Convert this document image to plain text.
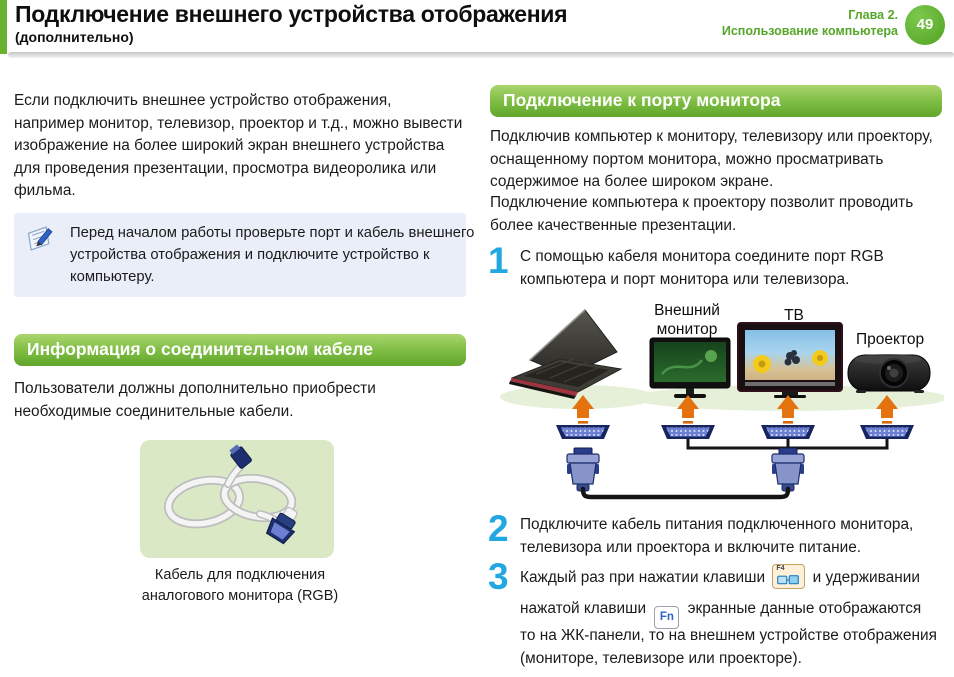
Подключение внешнего устройства отображения
(дополнительно)
Глава 2.
Использование компьютера	49
Если подключить внешнее устройство отображения,
например монитор, телевизор, проектор и т.д., можно вывести
изображение на более широкий экран внешнего устройства
для проведения презентации, просмотра видеоролика или
фильма.
Перед началом работы проверьте порт и кабель внешнего
устройства отображения и подключите устройство к
компьютеру.
Информация о соединительном кабеле
Пользователи должны дополнительно приобрести
необходимые соединительные кабели.
Кабель для подключения
аналогового монитора (RGB)
Подключение к порту монитора
Подключив компьютер к монитору, телевизору или проектору,
оснащенному портом монитора, можно просматривать
содержимое на более широком экране.
Подключение компьютера к проектору позволит проводить
более качественные презентации.
1 С помощью кабеля монитора соедините порт RGB
компьютера и порт монитора или телевизора.
Внешний монитор
ТВ
Проектор
2 Подключите кабель питания подключенного монитора,
телевизора или проектора и включите питание.
3 Каждый раз при нажатии клавиши
F4
и удерживании
нажатой клавиши Fn экранные данные отображаются
то на ЖК-панели, то на внешнем устройстве отображения
(мониторе, телевизоре или проекторе).
